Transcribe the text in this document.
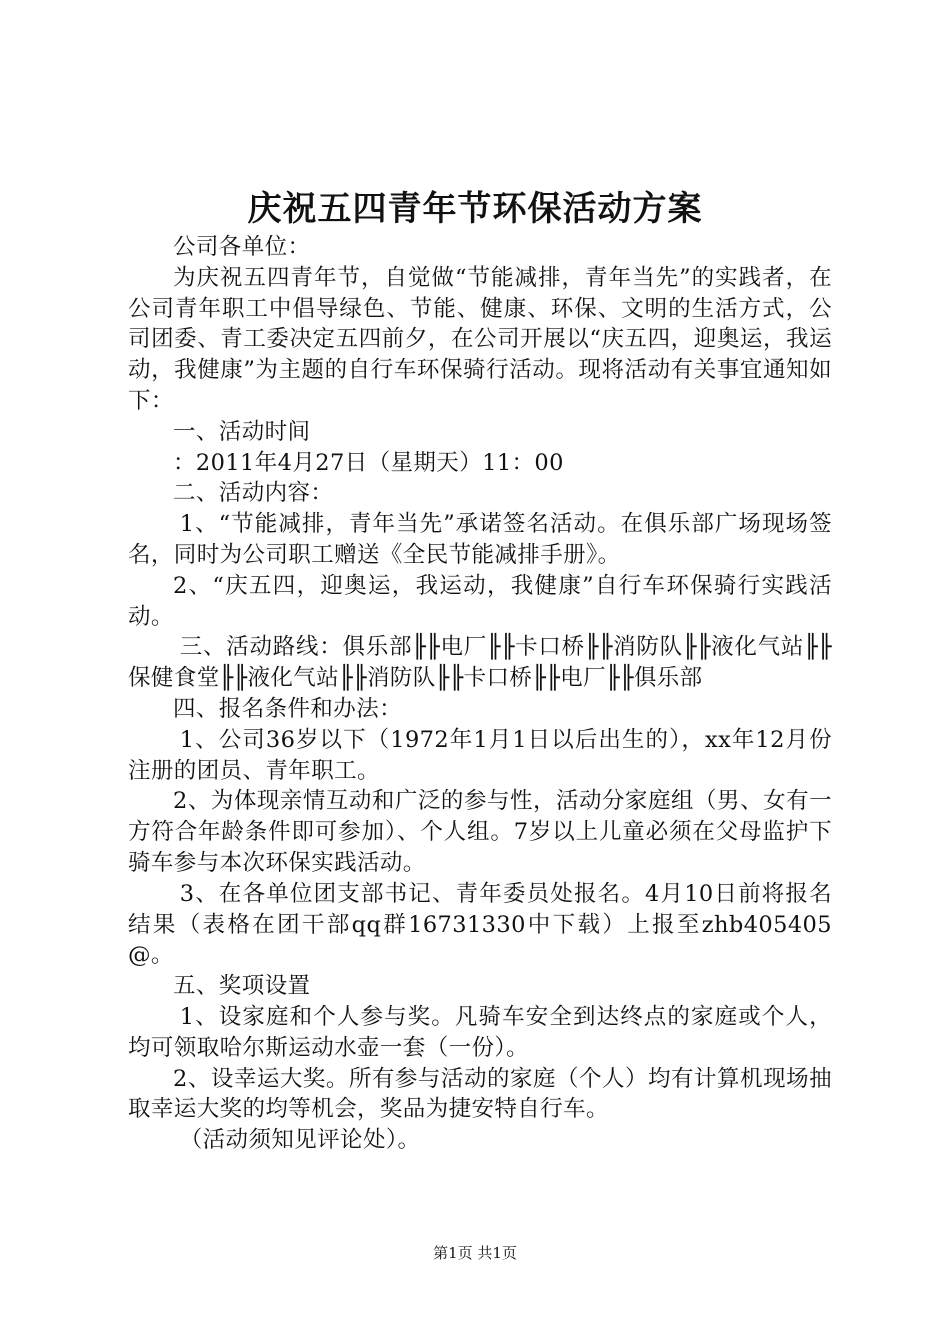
庆祝五四青年节环保活动方案

公司各单位：

为庆祝五四青年节，自觉做“节能减排，青年当先”的实践者，在公司青年职工中倡导绿色、节能、健康、环保、文明的生活方式，公司团委、青工委决定五四前夕，在公司开展以“庆五四，迎奥运，我运动，我健康”为主题的自行车环保骑行活动。现将活动有关事宜通知如下：

一、活动时间

：2011年4月27日（星期天）11：00

二、活动内容：

1、“节能减排，青年当先”承诺签名活动。在俱乐部广场现场签名，同时为公司职工赠送《全民节能减排手册》。

2、“庆五四，迎奥运，我运动，我健康”自行车环保骑行实践活动。

三、活动路线：俱乐部╟╟电厂╟╟卡口桥╟╟消防队╟╟液化气站╟╟保健食堂╟╟液化气站╟╟消防队╟╟卡口桥╟╟电厂╟╟俱乐部

四、报名条件和办法：

1、公司36岁以下（1972年1月1日以后出生的），xx年12月份注册的团员、青年职工。

2、为体现亲情互动和广泛的参与性，活动分家庭组（男、女有一方符合年龄条件即可参加）、个人组。7岁以上儿童必须在父母监护下骑车参与本次环保实践活动。

3、在各单位团支部书记、青年委员处报名。4月10日前将报名结果（表格在团干部qq群16731330中下载）上报至zhb405405@。

五、奖项设置

1、设家庭和个人参与奖。凡骑车安全到达终点的家庭或个人，均可领取哈尔斯运动水壶一套（一份）。

2、设幸运大奖。所有参与活动的家庭（个人）均有计算机现场抽取幸运大奖的均等机会，奖品为捷安特自行车。

（活动须知见评论处）。

第1页 共1页
